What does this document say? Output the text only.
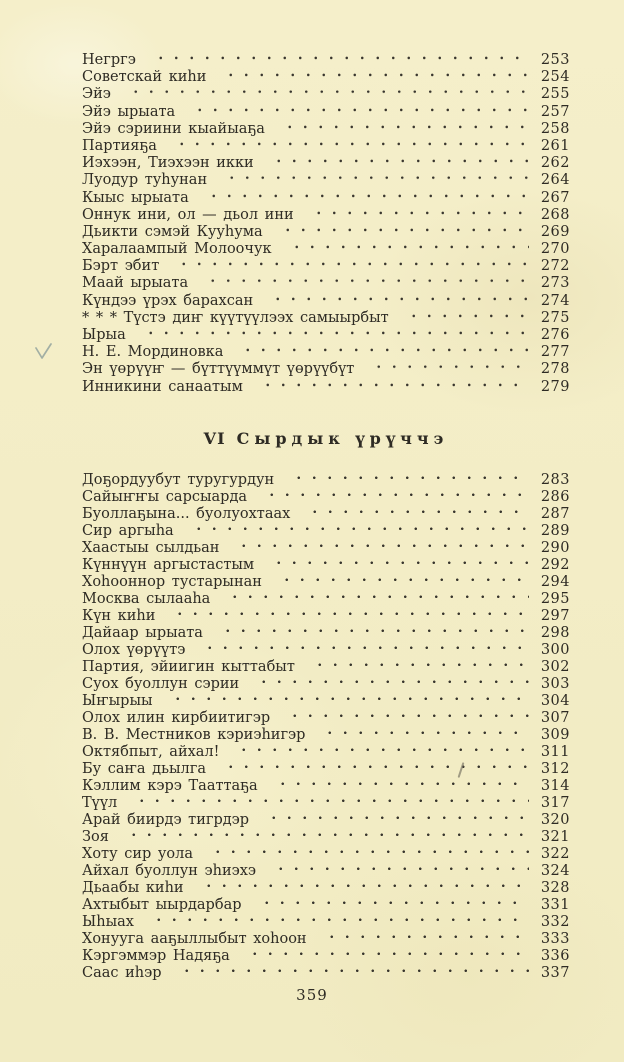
Негргэ	253
Советскай киһи	254
Эйэ	255
Эйэ ырыата	257
Эйэ сэриини кыайыаҕа	258
Партияҕа	261
Иэхээн, Тиэхээн икки	262
Луодур туһунан	264
Кыыс ырыата	267
Оннук ини, ол — дьол ини	268
Дьикти сэмэй Кууһума	269
Харалаампый Молоочук	270
Бэрт эбит	272
Маай ырыата	273
Күндээ үрэх барахсан	274
* * * Түстэ диҥ күүтүүлээх самыырбыт	275
Ырыа	276
Н. Е. Мординовка	277
Эн үөрүүҥ — бүттүүммүт үөрүүбүт	278
Инникини санаатым	279
VI Сырдык үрүччэ
Доҕордуубут туругурдун	283
Сайыҥҥы сарсыарда	286
Буоллаҕына... буолуохтаах	287
Сир аргыһа	289
Хаастыы сылдьан	290
Күннүүн аргыстастым	292
Хоһооннор тустарынан	294
Москва сылааһа	295
Күн киһи	297
Дайаар ырыата	298
Олох үөрүүтэ	300
Партия, эйиигин кыттабыт	302
Суох буоллун сэрии	303
Ыҥырыы	304
Олох илин кирбиитигэр	307
В. В. Местников кэриэһигэр	309
Октябпыт, айхал!	311
Бу саҥа дьылга	312
Кэллим кэрэ Тааттаҕа	314
Түүл	317
Арай биирдэ тигрдэр	320
Зоя	321
Хоту сир уола	322
Айхал буоллун эһиэхэ	324
Дьаабы киһи	328
Ахтыбыт ыырдарбар	331
Ыһыах	332
Хонууга ааҕыллыбыт хоһоон	333
Кэргэммэр Надяҕа	336
Саас иһэр	337
359
